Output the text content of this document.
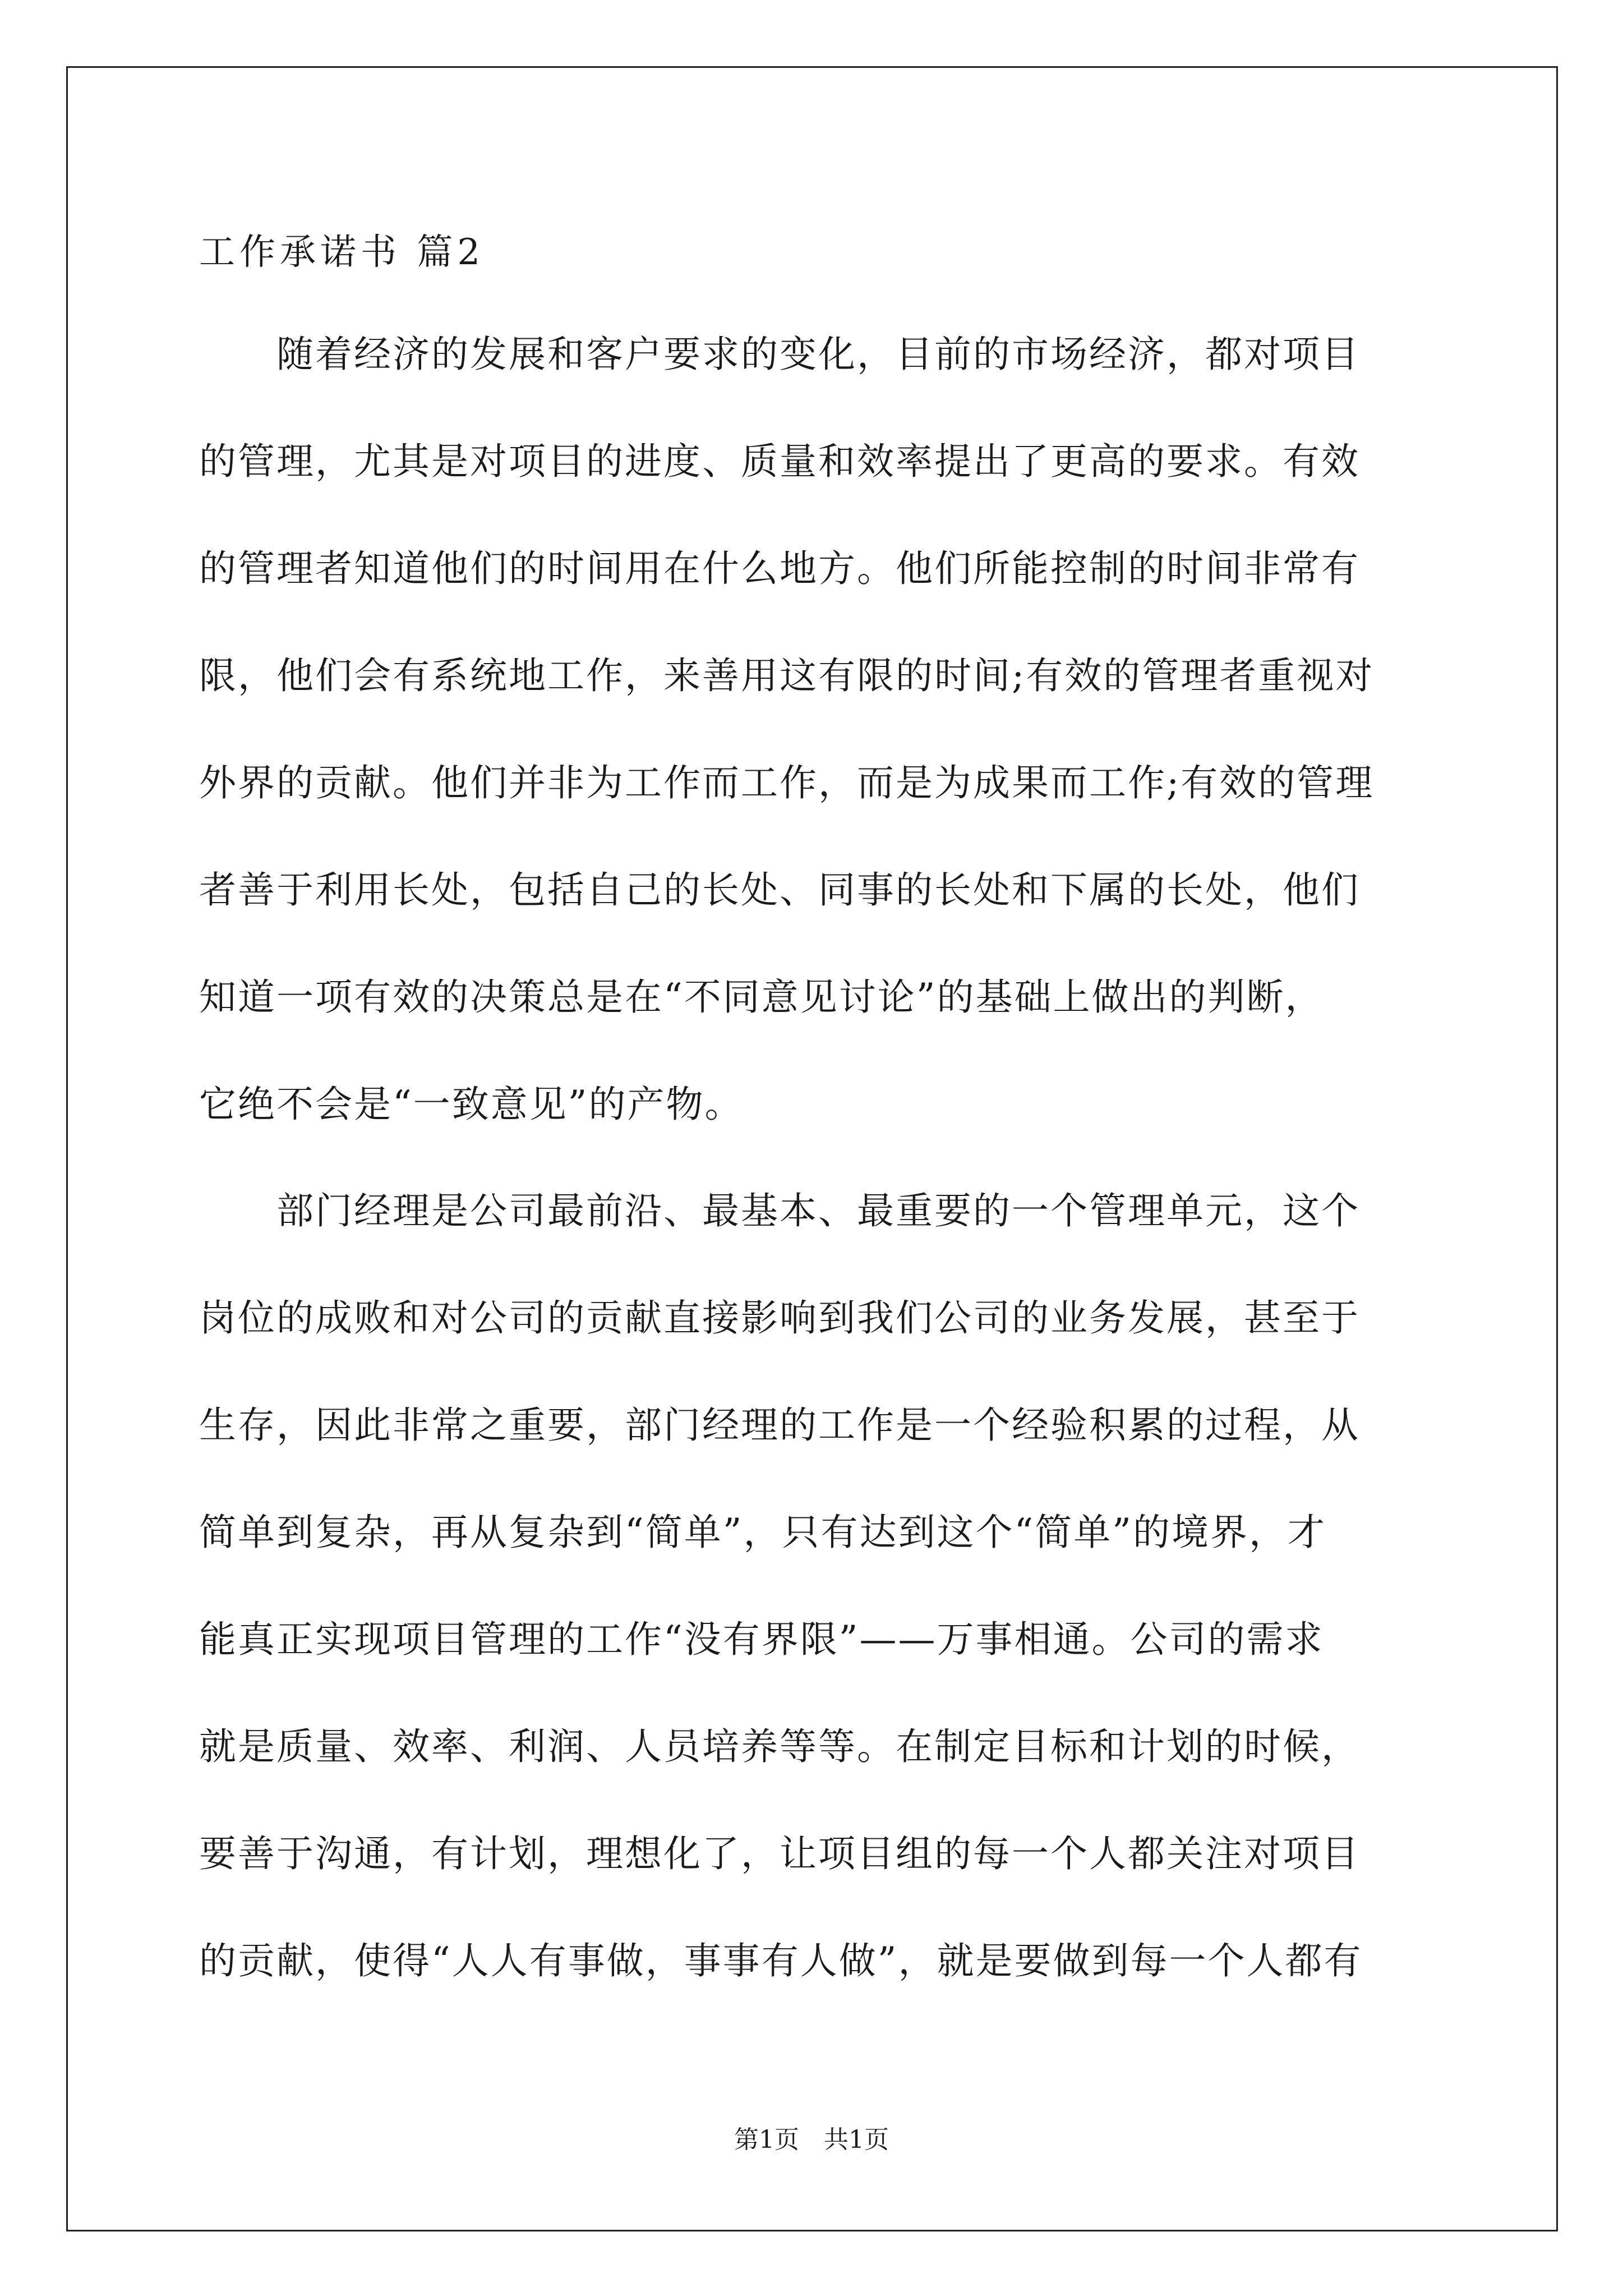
工作承诺书 篇2
随着经济的发展和客户要求的变化，目前的市场经济，都对项目
的管理，尤其是对项目的进度、质量和效率提出了更高的要求。有效
的管理者知道他们的时间用在什么地方。他们所能控制的时间非常有
限，他们会有系统地工作，来善用这有限的时间;有效的管理者重视对
外界的贡献。他们并非为工作而工作，而是为成果而工作;有效的管理
者善于利用长处，包括自己的长处、同事的长处和下属的长处，他们
知道一项有效的决策总是在“不同意见讨论”的基础上做出的判断，
它绝不会是“一致意见”的产物。
部门经理是公司最前沿、最基本、最重要的一个管理单元，这个
岗位的成败和对公司的贡献直接影响到我们公司的业务发展，甚至于
生存，因此非常之重要，部门经理的工作是一个经验积累的过程，从
简单到复杂，再从复杂到“简单”，只有达到这个“简单”的境界，才
能真正实现项目管理的工作“没有界限”——万事相通。公司的需求
就是质量、效率、利润、人员培养等等。在制定目标和计划的时候，
要善于沟通，有计划，理想化了，让项目组的每一个人都关注对项目
的贡献，使得“人人有事做，事事有人做”，就是要做到每一个人都有
第1页　共1页
